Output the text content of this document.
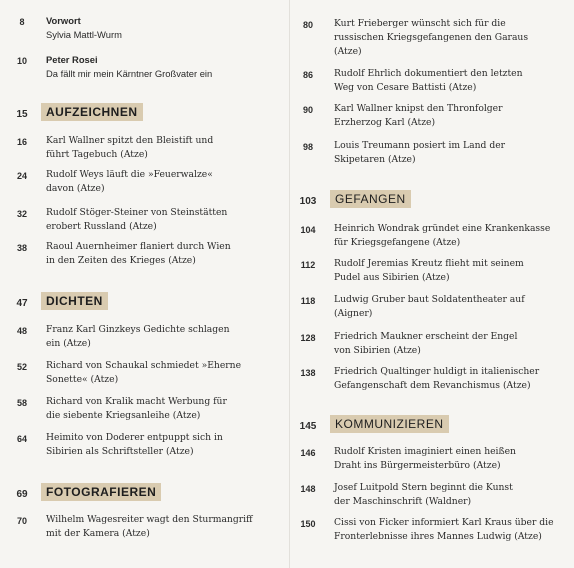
8	Vorwort
Sylvia Mattl-Wurm
10	Peter Rosei
Da fällt mir mein Kärntner Großvater ein
15	AUFZEICHNEN
16	Karl Wallner spitzt den Bleistift und
führt Tagebuch (Atze)
24	Rudolf Weys läuft die »Feuerwalze«
davon (Atze)
32	Rudolf Stöger-Steiner von Steinstätten
erobert Russland (Atze)
38	Raoul Auernheimer flaniert durch Wien
in den Zeiten des Krieges (Atze)
47	DICHTEN
48	Franz Karl Ginzkeys Gedichte schlagen
ein (Atze)
52	Richard von Schaukal schmiedet »Eherne
Sonette« (Atze)
58	Richard von Kralik macht Werbung für
die siebente Kriegsanleihe (Atze)
64	Heimito von Doderer entpuppt sich in
Sibirien als Schriftsteller (Atze)
69	FOTOGRAFIEREN
70	Wilhelm Wagesreiter wagt den Sturmangriff
mit der Kamera (Atze)
80	Kurt Frieberger wünscht sich für die
russischen Kriegsgefangenen den Garaus
(Atze)
86	Rudolf Ehrlich dokumentiert den letzten
Weg von Cesare Battisti (Atze)
90	Karl Wallner knipst den Thronfolger
Erzherzog Karl (Atze)
98	Louis Treumann posiert im Land der
Skipetaren (Atze)
103	GEFANGEN
104	Heinrich Wondrak gründet eine Krankenkasse
für Kriegsgefangene (Atze)
112	Rudolf Jeremias Kreutz flieht mit seinem
Pudel aus Sibirien (Atze)
118	Ludwig Gruber baut Soldatentheater auf
(Aigner)
128	Friedrich Maukner erscheint der Engel
von Sibirien (Atze)
138	Friedrich Qualtinger huldigt in italienischer
Gefangenschaft dem Revanchismus (Atze)
145	KOMMUNIZIEREN
146	Rudolf Kristen imaginiert einen heißen
Draht ins Bürgermeisterbüro (Atze)
148	Josef Luitpold Stern beginnt die Kunst
der Maschinschrift (Waldner)
150	Cissi von Ficker informiert Karl Kraus über die
Fronterlebnisse ihres Mannes Ludwig (Atze)
